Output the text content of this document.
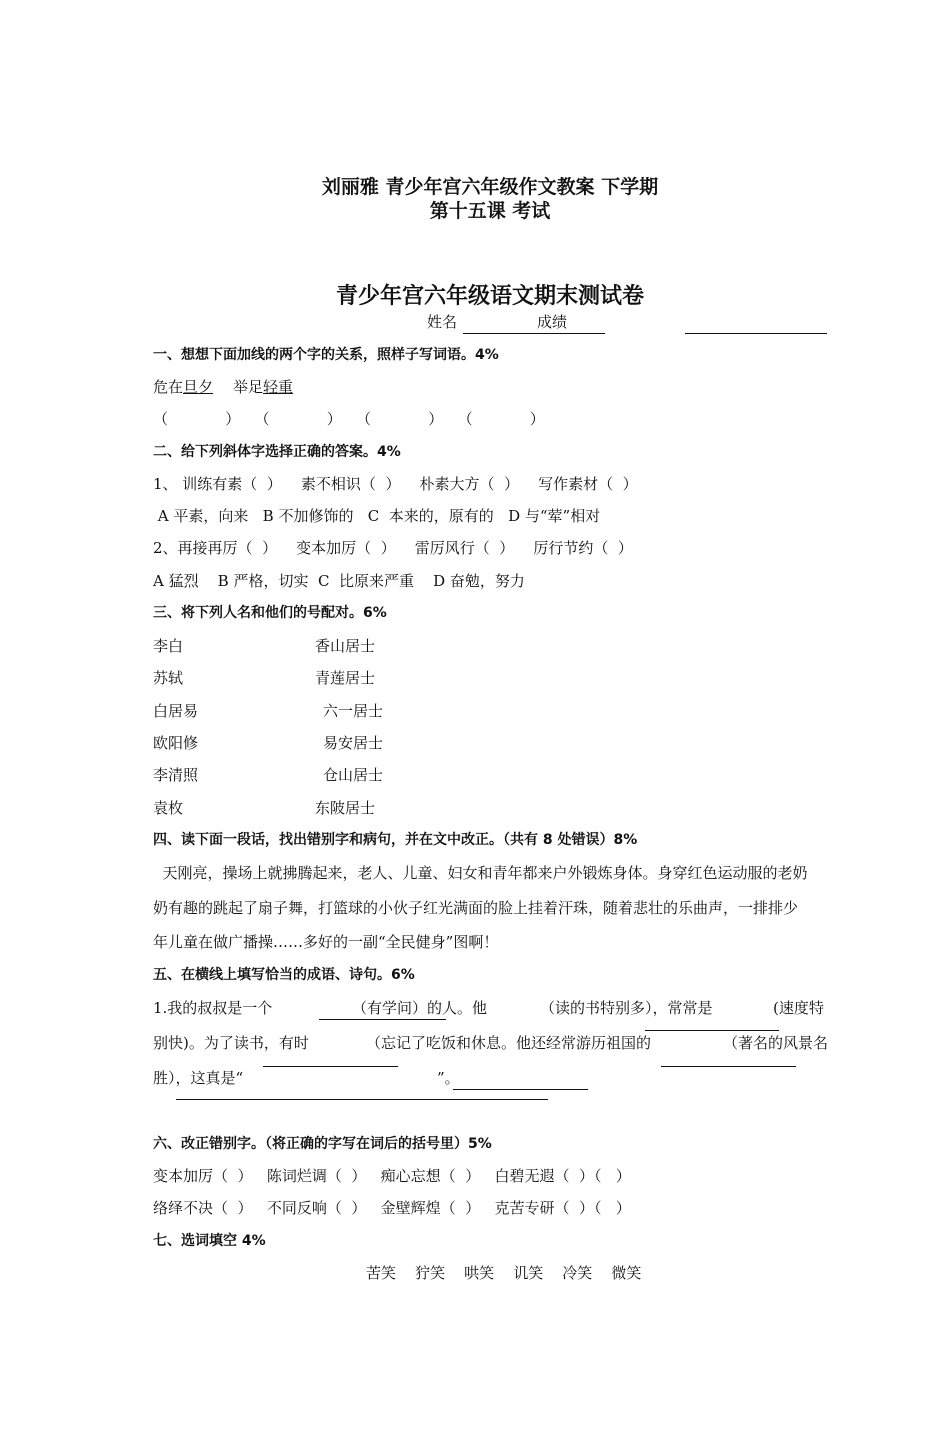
刘丽雅 青少年宫六年级作文教案 下学期
第十五课 考试
青少年宫六年级语文期末测试卷
姓名	成绩
一、想想下面加线的两个字的关系，照样子写词语。4%
危在旦夕 举足轻重
（            ）   （            ）   （            ）   （            ）
二、给下列斜体字选择正确的答案。4%
1、 训练有素（  ）    素不相识（  ）    朴素大方（  ）    写作素材（  ）
A 平素，向来   B 不加修饰的   C  本来的，原有的   D 与“荤”相对
2、再接再厉（  ）    变本加厉（  ）    雷厉风行（  ）    厉行节约（  ）
A 猛烈    B 严格，切实  C  比原来严重    D 奋勉，努力
三、将下列人名和他们的号配对。6%
李白	香山居士
苏轼	青莲居士
白居易	六一居士
欧阳修	易安居士
李清照	仓山居士
袁枚	东陂居士
四、读下面一段话，找出错别字和病句，并在文中改正。（共有 8 处错误）8%
天刚亮，操场上就拂腾起来，老人、儿童、妇女和青年都来户外锻炼身体。身穿红色运动服的老奶
奶有趣的跳起了扇子舞，打篮球的小伙子红光满面的脸上挂着汗珠，随着悲壮的乐曲声，一排排少
年儿童在做广播操……多好的一副“全民健身”图啊！
五、在横线上填写恰当的成语、诗句。6%
1.我的叔叔是一个	（有学问）的人。他	（读的书特别多），常常是	(速度特
别快)。为了读书，有时	（忘记了吃饭和休息。他还经常游历祖国的	（著名的风景名
胜），这真是“	”。
六、改正错别字。（将正确的字写在词后的括号里）5%
变本加厉（  ）   陈词烂调（  ）   痴心忘想（  ）   白碧无遐（  ）（   ）
络绎不决（  ）   不同反响（  ）   金壁辉煌（  ）   克苦专研（  ）（   ）
七、选词填空 4%
苦笑    狞笑    哄笑    讥笑    冷笑    微笑
